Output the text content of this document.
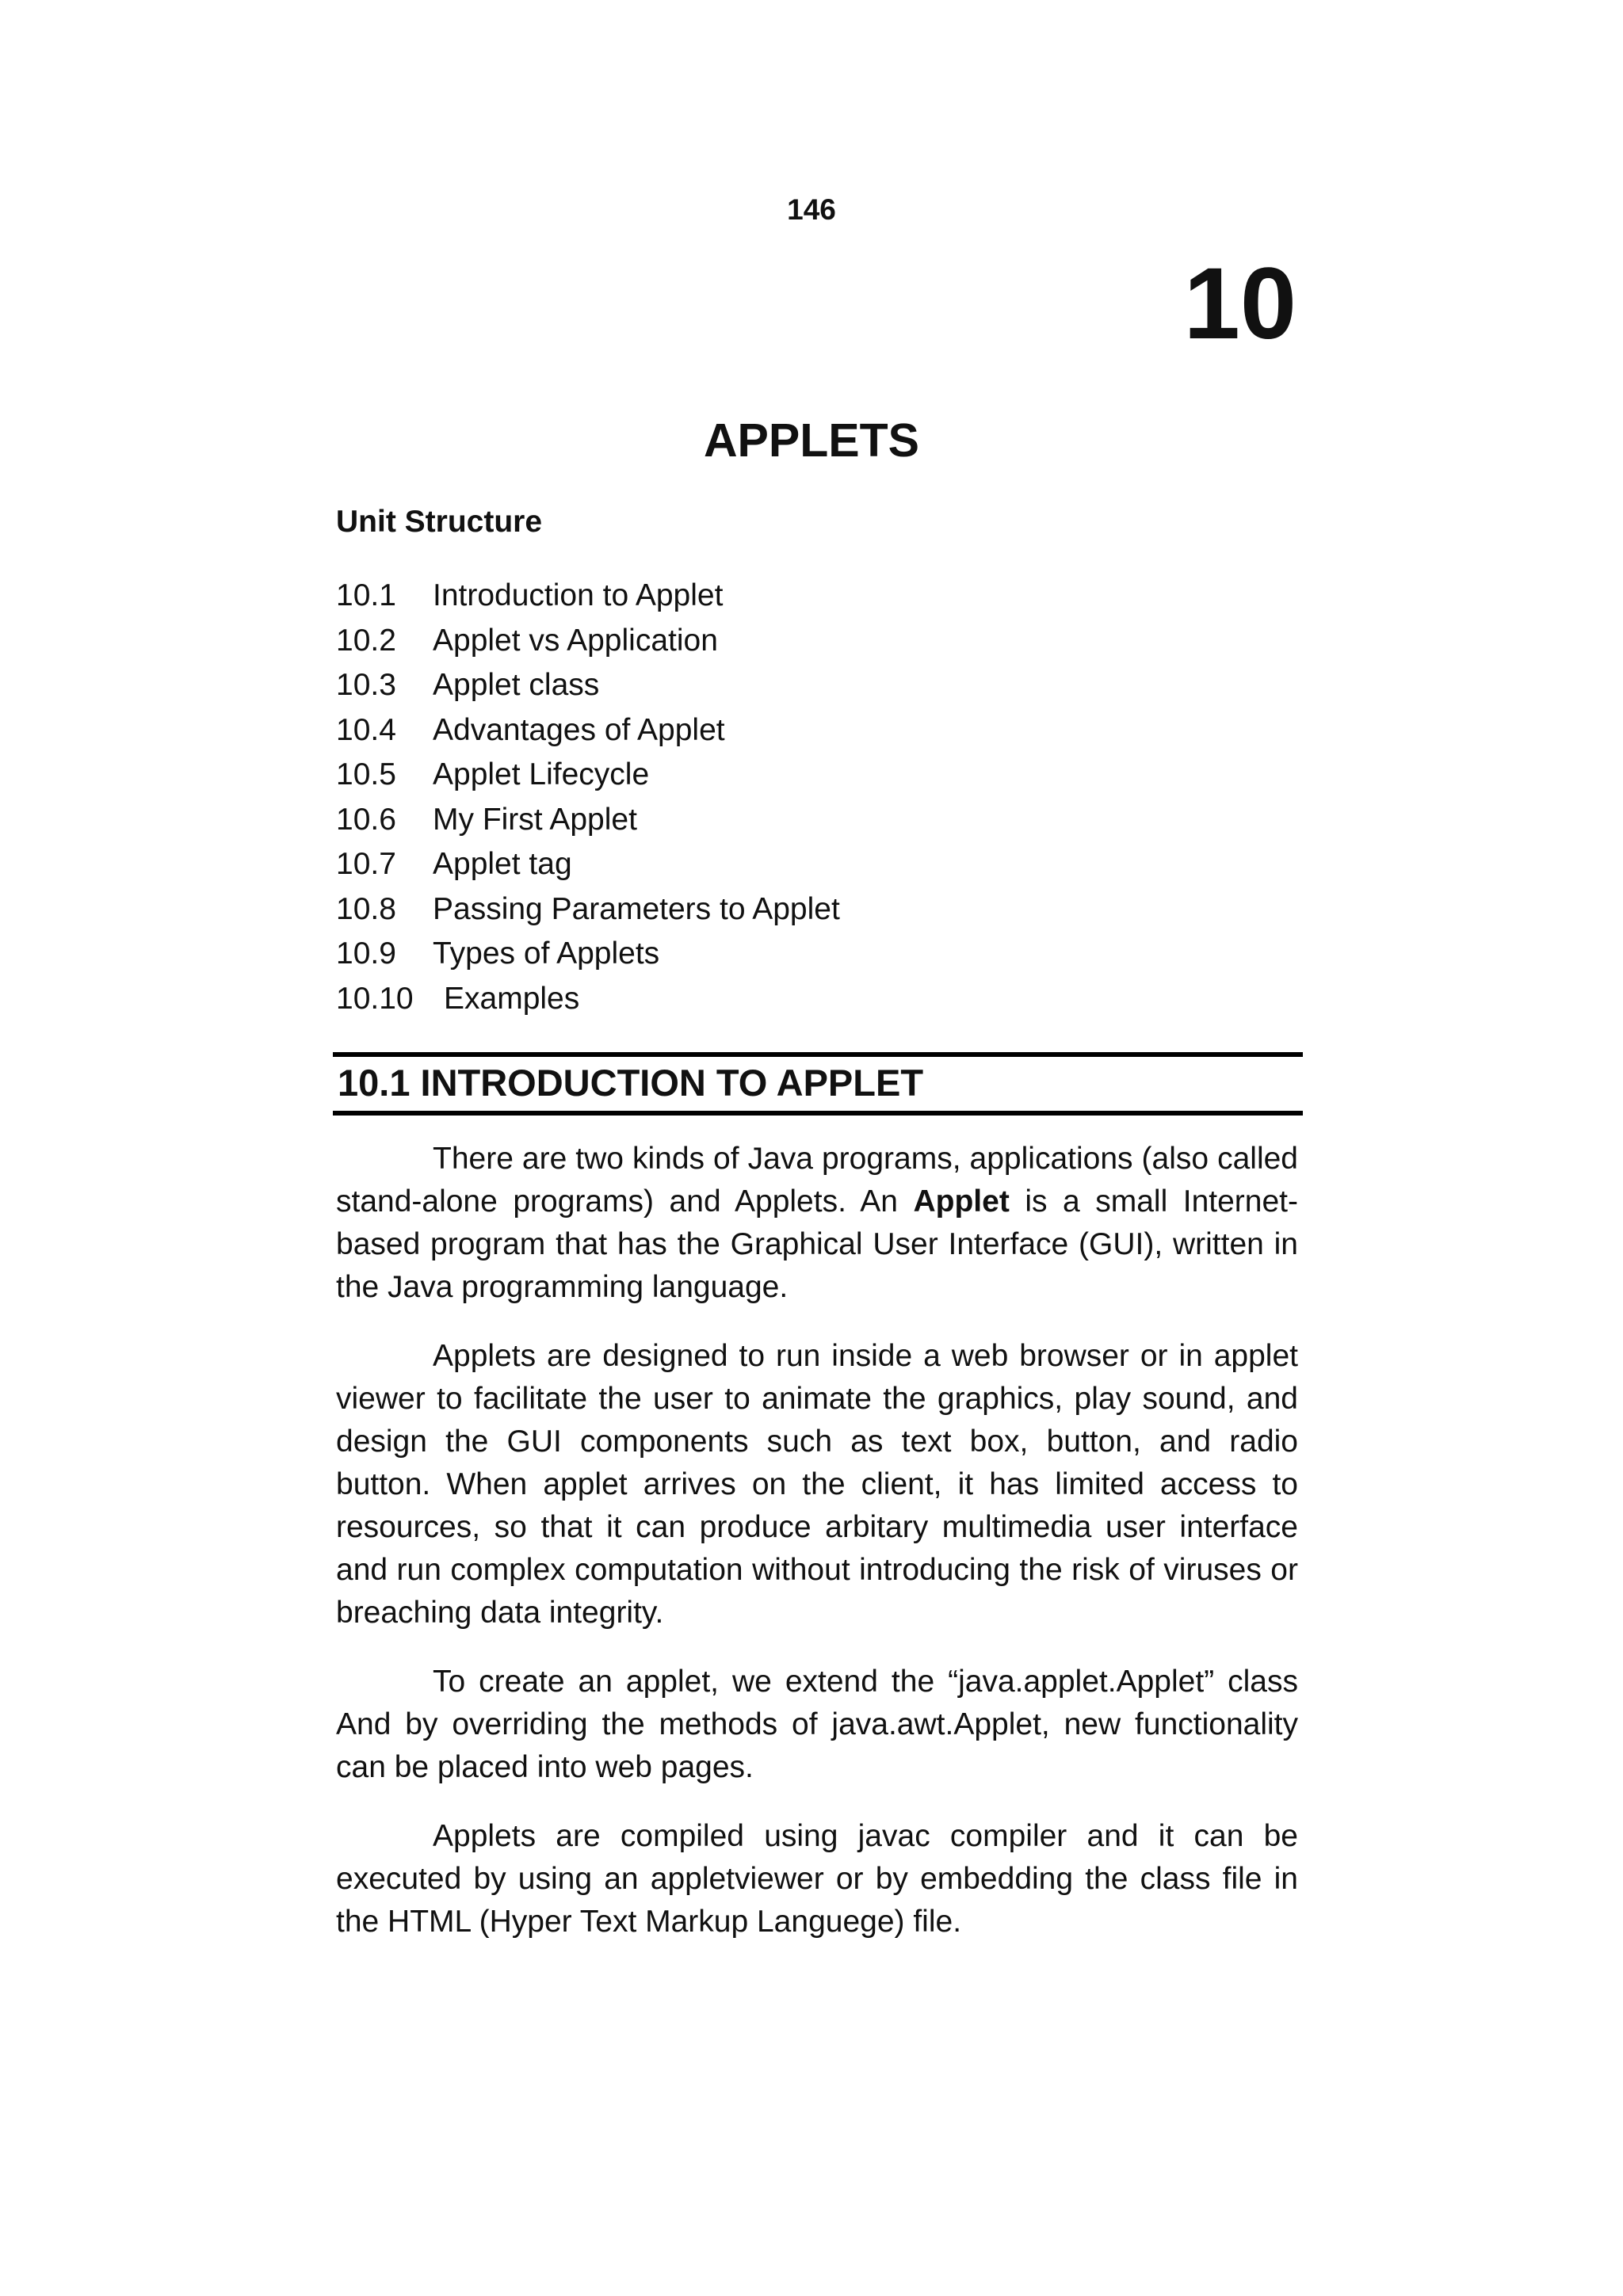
146
10
APPLETS
Unit Structure
10.1 Introduction to Applet
10.2 Applet vs Application
10.3 Applet class
10.4 Advantages of Applet
10.5 Applet Lifecycle
10.6 My First Applet
10.7 Applet tag
10.8 Passing Parameters to Applet
10.9 Types of Applets
10.10 Examples
10.1 INTRODUCTION TO APPLET

There are two kinds of Java programs, applications (also called stand-alone programs) and Applets. An Applet is a small Internet-based program that has the Graphical User Interface (GUI), written in the Java programming language.

Applets are designed to run inside a web browser or in applet viewer to facilitate the user to animate the graphics, play sound, and design the GUI components such as text box, button, and radio button. When applet arrives on the client, it has limited access to resources, so that it can produce arbitary multimedia user interface and run complex computation without introducing the risk of viruses or breaching data integrity.

To create an applet, we extend the “java.applet.Applet” class And by overriding the methods of java.awt.Applet, new functionality can be placed into web pages.

Applets are compiled using javac compiler and it can be executed by using an appletviewer or by embedding the class file in the HTML (Hyper Text Markup Languege) file.
